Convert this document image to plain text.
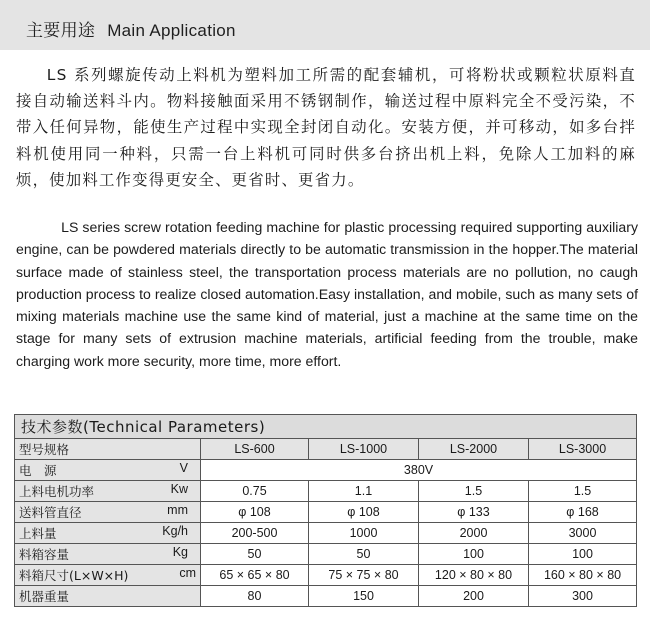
主要用途 Main Application
LS 系列螺旋传动上料机为塑料加工所需的配套辅机，可将粉状或颗粒状原料直接自动输送料斗内。物料接触面采用不锈钢制作，输送过程中原料完全不受污染，不带入任何异物，能使生产过程中实现全封闭自动化。安装方便，并可移动，如多台拌料机使用同一种料，只需一台上料机可同时供多台挤出机上料，免除人工加料的麻烦，使加料工作变得更安全、更省时、更省力。
LS series screw rotation feeding machine for plastic processing required supporting auxiliary engine, can be powdered materials directly to be automatic transmission in the hopper.The material surface made of stainless steel, the transportation process materials are no pollution, no caugh production process to realize closed automation.Easy installation, and mobile, such as many sets of mixing materials machine use the same kind of material, just a machine at the same time on the stage for many sets of extrusion machine materials, artificial feeding from the trouble, make charging work more security, more time, more effort.
技术参数(Technical Parameters)				
型号规格	LS-600	LS-1000	LS-2000	LS-3000
电　源 V	380V			
上料电机功率 Kw	0.75	1.1	1.5	1.5
送料管直径 mm	φ 108	φ 108	φ 133	φ 168
上料量 Kg/h	200-500	1000	2000	3000
料箱容量 Kg	50	50	100	100
料箱尺寸(L×W×H) cm	65 × 65 × 80	75 × 75 × 80	120 × 80 × 80	160 × 80 × 80
机器重量	80	150	200	300
